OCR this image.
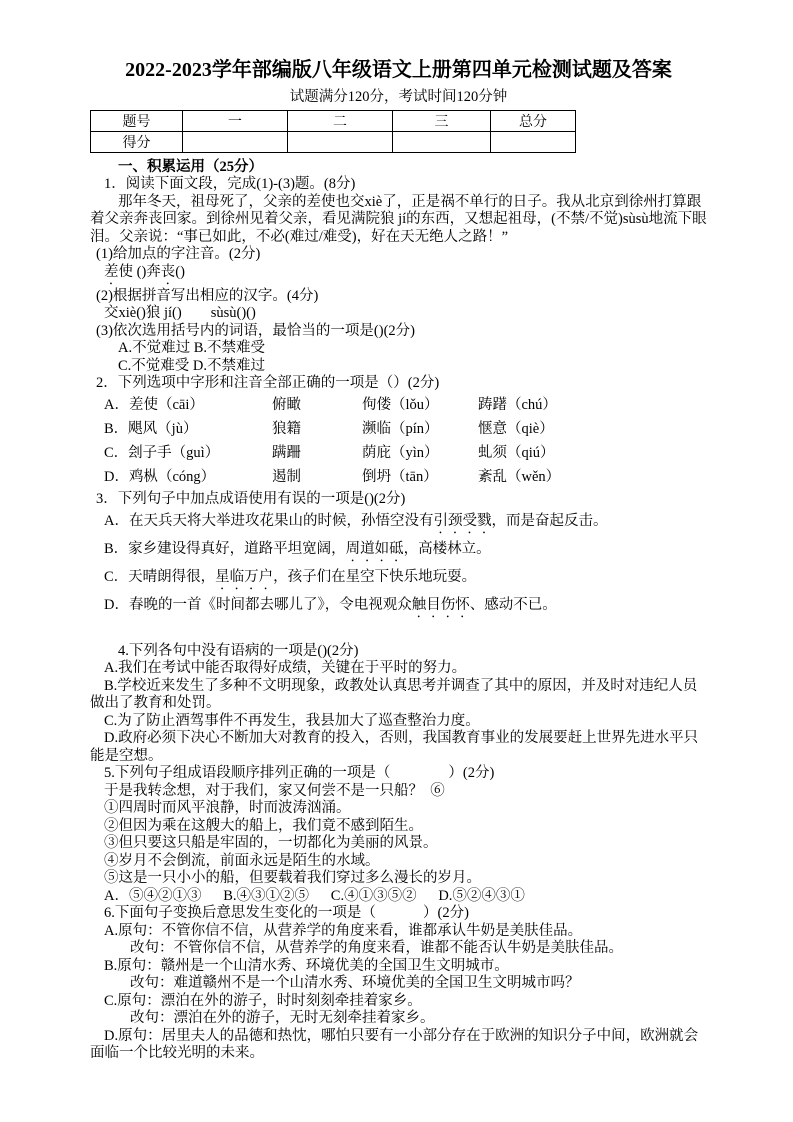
2022-2023学年部编版八年级语文上册第四单元检测试题及答案

试题满分120分，考试时间120分钟

题号	一	二	三	总分
得分				

一、积累运用（25分）

1．阅读下面文段，完成(1)-(3)题。(8分)

那年冬天，祖母死了，父亲的差使也交xiè了，正是祸不单行的日子。我从北京到徐州打算跟着父亲奔丧回家。到徐州见着父亲，看见满院狼 jí的东西，又想起祖母，(不禁/不觉)sùsù地流下眼泪。父亲说：“事已如此，不必(难过/难受)，好在天无绝人之路！”

(1)给加点的字注音。(2分)

差使 ()奔丧()

(2)根据拼音写出相应的汉字。(4分)

交xiè()狼 jí()        sùsù()()

(3)依次选用括号内的词语，最恰当的一项是()(2分)

A.不觉难过 B.不禁难受

C.不觉难受 D.不禁难过

2．下列选项中字形和注音全部正确的一项是（）(2分)

A．差使（cāi）	俯瞰	佝偻（lǒu）	踌躇（chú）

B．飓风（jù）	狼籍	濒临（pín）	惬意（qiè）

C．刽子手（guì）	蹒跚	荫庇（yìn）	虬须（qiú）

D．鸡枞（cóng）	遏制	倒坍（tān）	紊乱（wěn）

3．下列句子中加点成语使用有误的一项是()(2分)

A．在天兵天将大举进攻花果山的时候，孙悟空没有引颈受戮，而是奋起反击。

B．家乡建设得真好，道路平坦宽阔，周道如砥，高楼林立。

C．天晴朗得很，星临万户，孩子们在星空下快乐地玩耍。

D．春晚的一首《时间都去哪儿了》，令电视观众触目伤怀、感动不已。

4.下列各句中没有语病的一项是()(2分)

A.我们在考试中能否取得好成绩，关键在于平时的努力。

B.学校近来发生了多种不文明现象，政教处认真思考并调查了其中的原因，并及时对违纪人员做出了教育和处罚。

C.为了防止酒驾事件不再发生，我县加大了巡查整治力度。

D.政府必须下决心不断加大对教育的投入，否则，我国教育事业的发展要赶上世界先进水平只能是空想。

5.下列句子组成语段顺序排列正确的一项是（                ）(2分)

于是我转念想，对于我们，家又何尝不是一只船？  ⑥

①四周时而风平浪静，时而波涛汹涌。

②但因为乘在这艘大的船上，我们竟不感到陌生。

③但只要这只船是牢固的，一切都化为美丽的风景。

④岁月不会倒流，前面永远是陌生的水域。

⑤这是一只小小的船，但要载着我们穿过多么漫长的岁月。

A．⑤④②①③      B.④③①②⑤      C.④①③⑤②      D.⑤②④③①

6.下面句子变换后意思发生变化的一项是（             ）(2分)

A.原句：不管你信不信，从营养学的角度来看，谁都承认牛奶是美肤佳品。

改句：不管你信不信，从营养学的角度来看，谁都不能否认牛奶是美肤佳品。

B.原句：赣州是一个山清水秀、环境优美的全国卫生文明城市。

改句：难道赣州不是一个山清水秀、环境优美的全国卫生文明城市吗？

C.原句：漂泊在外的游子，时时刻刻牵挂着家乡。

改句：漂泊在外的游子，无时无刻牵挂着家乡。

D.原句：居里夫人的品德和热忱，哪怕只要有一小部分存在于欧洲的知识分子中间，欧洲就会面临一个比较光明的未来。
